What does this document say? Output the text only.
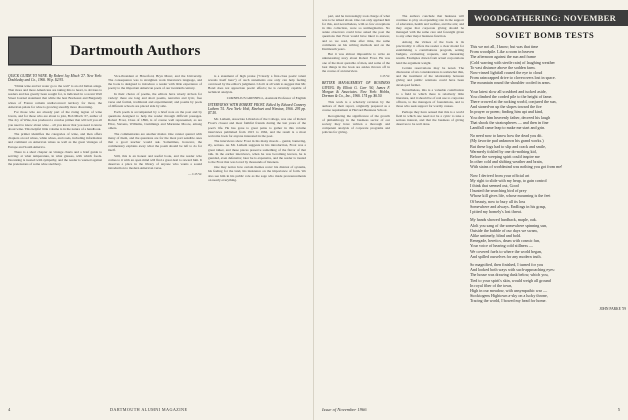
Dartmouth Authors

QUICK GUIDE TO WINE. By Robert Jay Misch '27. New York: Doubleday and Co., 1966. 96 p. $2.95.

"Drink wine and let water go to the wall" is an old Italian adage. That more and more Americans are taking this to heart, is obvious to readers and has greatly been sought for, is indicated in a recent Wall Street Journal statement that while the best Bordeaux and Burgundy wines of France remain undiscovered territory for most, the American palate for wine is growing steadily more discerning.

For those who are already part of the rising legion of wine lovers, and for those who are about to join, Bob Misch '27, author of The Joy of Wine, has produced a concise primer that will tell you all you need to know about wine – all you know that you need to know about wine. This helpful little volume is in the nature of a handbook.

The primer identifies the categories of wine, and then offers chapters on red wines, white wines, and rosés, including information and comment on American wines as well as the great vintages of Europe and South America.

There is a short chapter on vintage charts and a brief guide to serving: at what temperature, in what glasses, with which foods. Decanting is treated with sympathy, and the reader is warned against the pretensions of some wine snobbery.

Vice-President at Haverford, Bryn Mawr, and the University. The consequence was to straighten work literature's language, and the book is designed to introduce a reader with little experience of poetry to the important American poets of our twentieth century.

In their choice of poems, the editors have wisely striven for variety: there are long and short poems, narrative and lyric, free verse and formal, traditional and experimental; and poems by poets of different schools are placed side by side.

Each poem is accompanied by a brief note on the poet and by questions designed to help the reader through difficult passages. Robert Frost, Class of 1896, is of course well represented, as are Eliot, Stevens, Williams, Cummings and Marianne Moore, among others.

The commentaries are another matter. One cannot quarrel with many of them, and the questions are for the most part sensible ones that a good teacher would ask. Sometimes, however, the commentary explains away what the poem should be left to do for itself.

Still, this is an honest and useful book, and the reader who comes to it with an open mind will find a great deal to reward him. It deserves a place in the library of anyone who wants a sound introduction to modern American verse.

— C.E.W.

is a statement of high praise ("Clearly a first-class poetic talent reveals itself here") of such statements one only can help feeling overawed by the editor's judgment. I don't at all wish to suggest that Mr. Bond does not appreciate poetic effects; he is certainly capable of technical analysis.

CORNELIUS GRINNELL, Assistant Professor of English

INTERVIEWS WITH ROBERT FROST. Edited by Edward Connery Lathem '51. New York: Holt, Rinehart and Winston, 1966. 295 pp. $7.50.

Mr. Lathem, Associate Librarian of the College, was one of Robert Frost's closest and most faithful friends during the last years of the poet's life. He has gone to great pains to gather in this volume interviews published from 1915 to 1962, and the result is a most welcome book for anyone interested in the poet.

The interviews show Frost in his many moods – genial, bantering, sly, serious. As Mr. Lathem suggests in his introduction, Frost was a great talker, and these pieces preserve something of the flavor of that talk. In the earlier interviews, when he was becoming known, he is guarded, even defensive; later he is expansive, and the reader is treated to the Frost that was loved by thousands of listeners.

One may notice how certain themes recur: his distrust of systems, his feeling for the land, his insistence on the importance of form. We also see him in his public role as the sage who made pronouncements on nearly everything.

4	DARTMOUTH ALUMNI MAGAZINE

part, and he increasingly took charge of what was to be talked about. One can only applaud him for this, and nevertheless, with so few exceptions in this collection, were so unimaginative. No astute observers could have asked the poet the questions that Frost would have liked to answer, and so we read, time after time, the same comments on his writing methods and on the Dartmouth years.

But it was almost impossible to write an uninteresting story about Robert Frost. He was one of the most quotable of men, and some of the best things in the book are asides thrown off in the course of an interview.

C.E.W.

BETTER MANAGEMENT OF BUSINESS GIVING. By Elliott G. Carr '60, James F. Morgan & Associates. New York: Hobbs, Dorman & Co., Inc., 1966. 174 pp. $6.50.

This work is a scholarly revision by the authors of their report, originally prepared as a course requirement at Harvard Business School.

Recognizing the significance of the growth of philanthropy in the business sector of our society they have written a thorough and competent analysis of corporate programs and policies for giving.

The authors conclude that business will continue to play an expanding role in the support of education, health and welfare, and the arts; and they argue that corporate giving should be managed with the same care and foresight given to any other major business function.

Among the virtues of the book is its practicality: it offers the reader a clear model for establishing a contributions program, setting budgets, evaluating requests, and measuring results. Examples drawn from actual corporations lend the argument weight.

Certain reservations may be noted. The discussion of tax considerations is somewhat thin, and the treatment of the relationship between giving and public relations could have been developed further.

Nevertheless, this is a valuable contribution to a field in which there is relatively little literature, and it should be of real use to corporate officers, to the managers of foundations, and to those who seek support for worthy causes.

Perhaps they have sensed that this is a world field in which one need not be a cynic to take a serious interest, and that the business of giving deserves to be well done.

WOODGATHERING: NOVEMBER
SOVIET BOMB TESTS
This we not all, I know; but was that time
From woodpile. Like a room in heaven
The afternoon against the sun and frame
(Cold warring with sterile rain) of laughing weather
To vast distance above the sodden farm.
Now-rinsed lightfall roused the eye to cloud
From raincrapped drive to clovecovers lost in space.
The mountain round the shoulder cooled in arms.
Your latest slow all scrubbed and tucked aside,
You climbed the corded pile to the height of fame.
There crowed at the racking world, conjured the sun,
And stoned-on up the slopes toward the fire
In prayer or poem; finding him apt and kind,
You drew him heavenly father, decreed his laugh
That shook the stratospheres — and then in fine
Landfall came leap to make me start and grin.
No need now to know how the dead you dit.
(My favorite pad unknown his grand works.)
But these logs had to slip and crack and smile,
Warmerly tickled by one do-nothing kid,
Before the weeping spirit could inspire me
In other cold and shifting weather and brain,
With stains of worldmind was nothing you got from me!
Now I derived from your official art
My right to slide with my heap, to gain control
I think that seemed out, Good
I hunted the searching bird of prey
Whose kill gives life, whose mourning is the feet
Of beauty, now to bury all its loss
Somewhere and always. Endlings in his grasp,
I pitted my homely's lost threat.
My hands showed hardback, maple, oak.
Alolt you sang of the somewhere spinning sun,
Outside the bubble of our days we swam,
Alike untimely, blind and bold.
Renegade, heretics, drum with cosmic fun,
Your voice of hearing cold stillness —
We covered fuels to where the world began,
And spilled ourselves for any modern truth.
So magnified, then finished, I turned for you
And looked both ways with such-approaching eyes:
The house was drawing dusk below, which you,
Tied to your spirit's skin, would weigh all ground
In royal fiber of the town,
High in our meadow, with unsympathic war —
Stocktogens Hightown a-sky on a lucky throne,
Tracing the world, I bowed my head for home.
JOHN PARKE '59
Issue of November 1966	5
